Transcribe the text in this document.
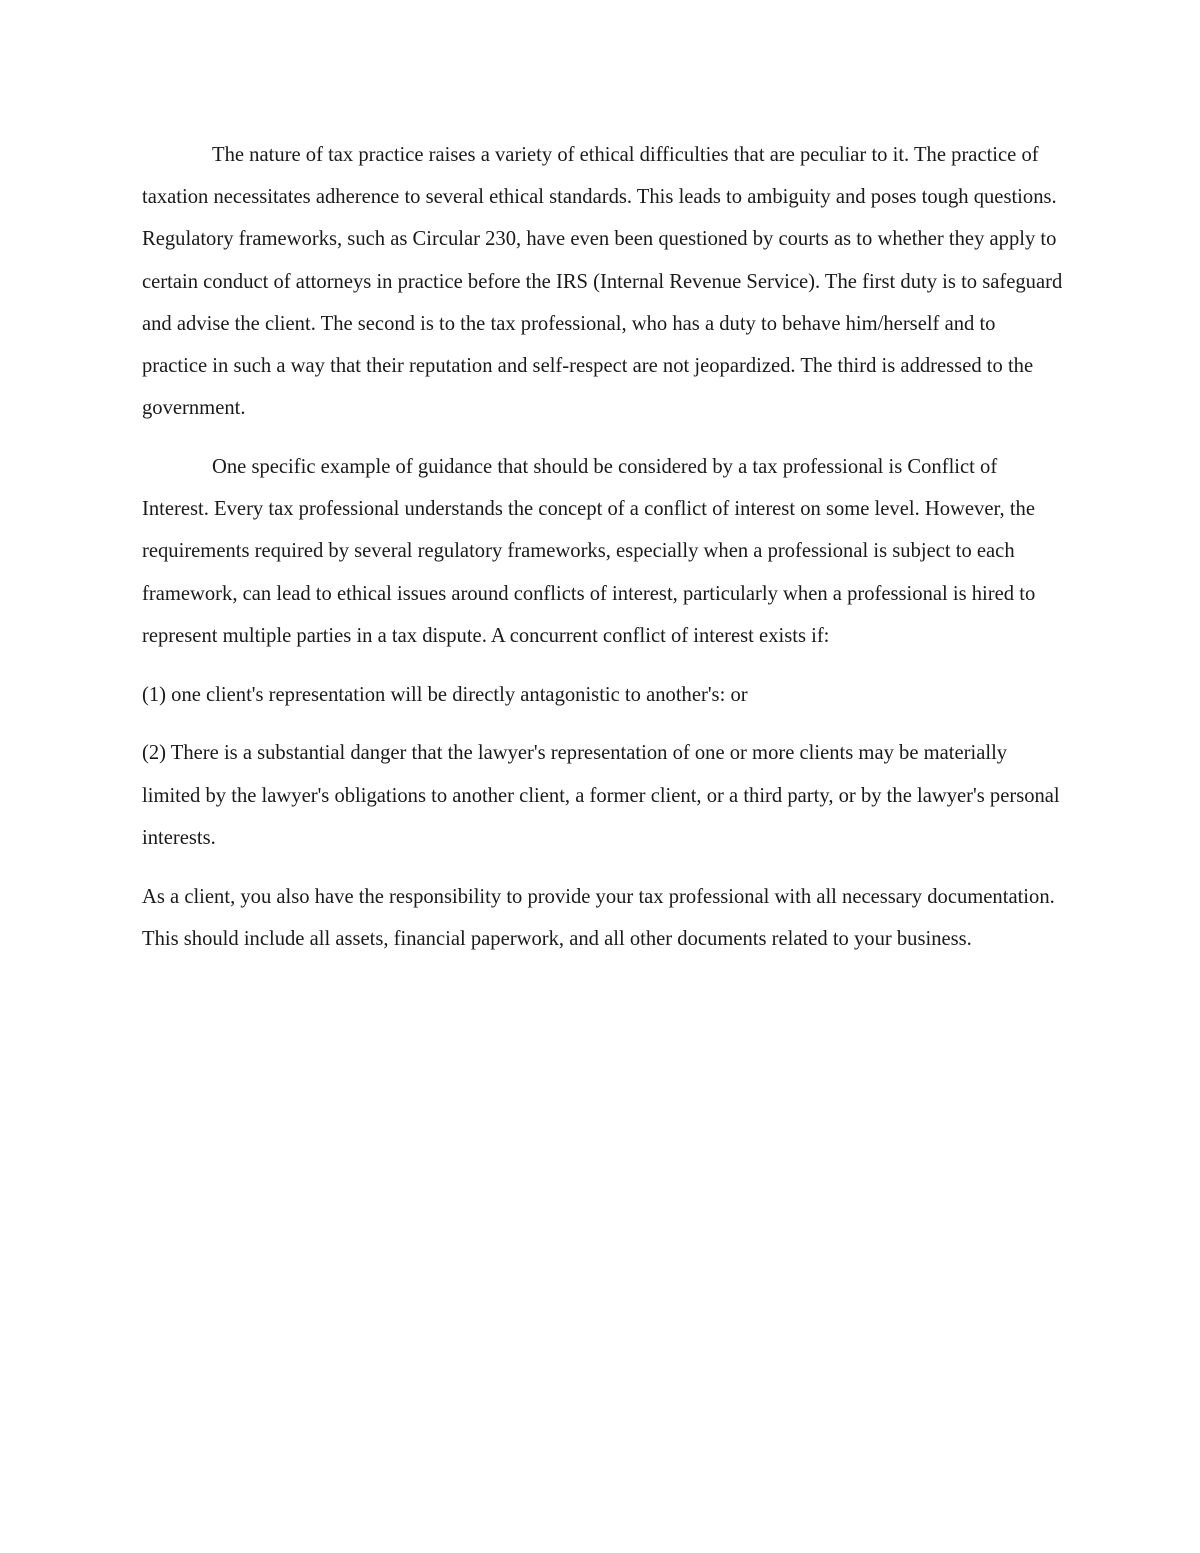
The nature of tax practice raises a variety of ethical difficulties that are peculiar to it. The practice of taxation necessitates adherence to several ethical standards. This leads to ambiguity and poses tough questions. Regulatory frameworks, such as Circular 230, have even been questioned by courts as to whether they apply to certain conduct of attorneys in practice before the IRS (Internal Revenue Service). The first duty is to safeguard and advise the client. The second is to the tax professional, who has a duty to behave him/herself and to practice in such a way that their reputation and self-respect are not jeopardized. The third is addressed to the government.

One specific example of guidance that should be considered by a tax professional is Conflict of Interest. Every tax professional understands the concept of a conflict of interest on some level. However, the requirements required by several regulatory frameworks, especially when a professional is subject to each framework, can lead to ethical issues around conflicts of interest, particularly when a professional is hired to represent multiple parties in a tax dispute. A concurrent conflict of interest exists if:

(1) one client's representation will be directly antagonistic to another's: or

(2) There is a substantial danger that the lawyer's representation of one or more clients may be materially limited by the lawyer's obligations to another client, a former client, or a third party, or by the lawyer's personal interests.

As a client, you also have the responsibility to provide your tax professional with all necessary documentation. This should include all assets, financial paperwork, and all other documents related to your business.
